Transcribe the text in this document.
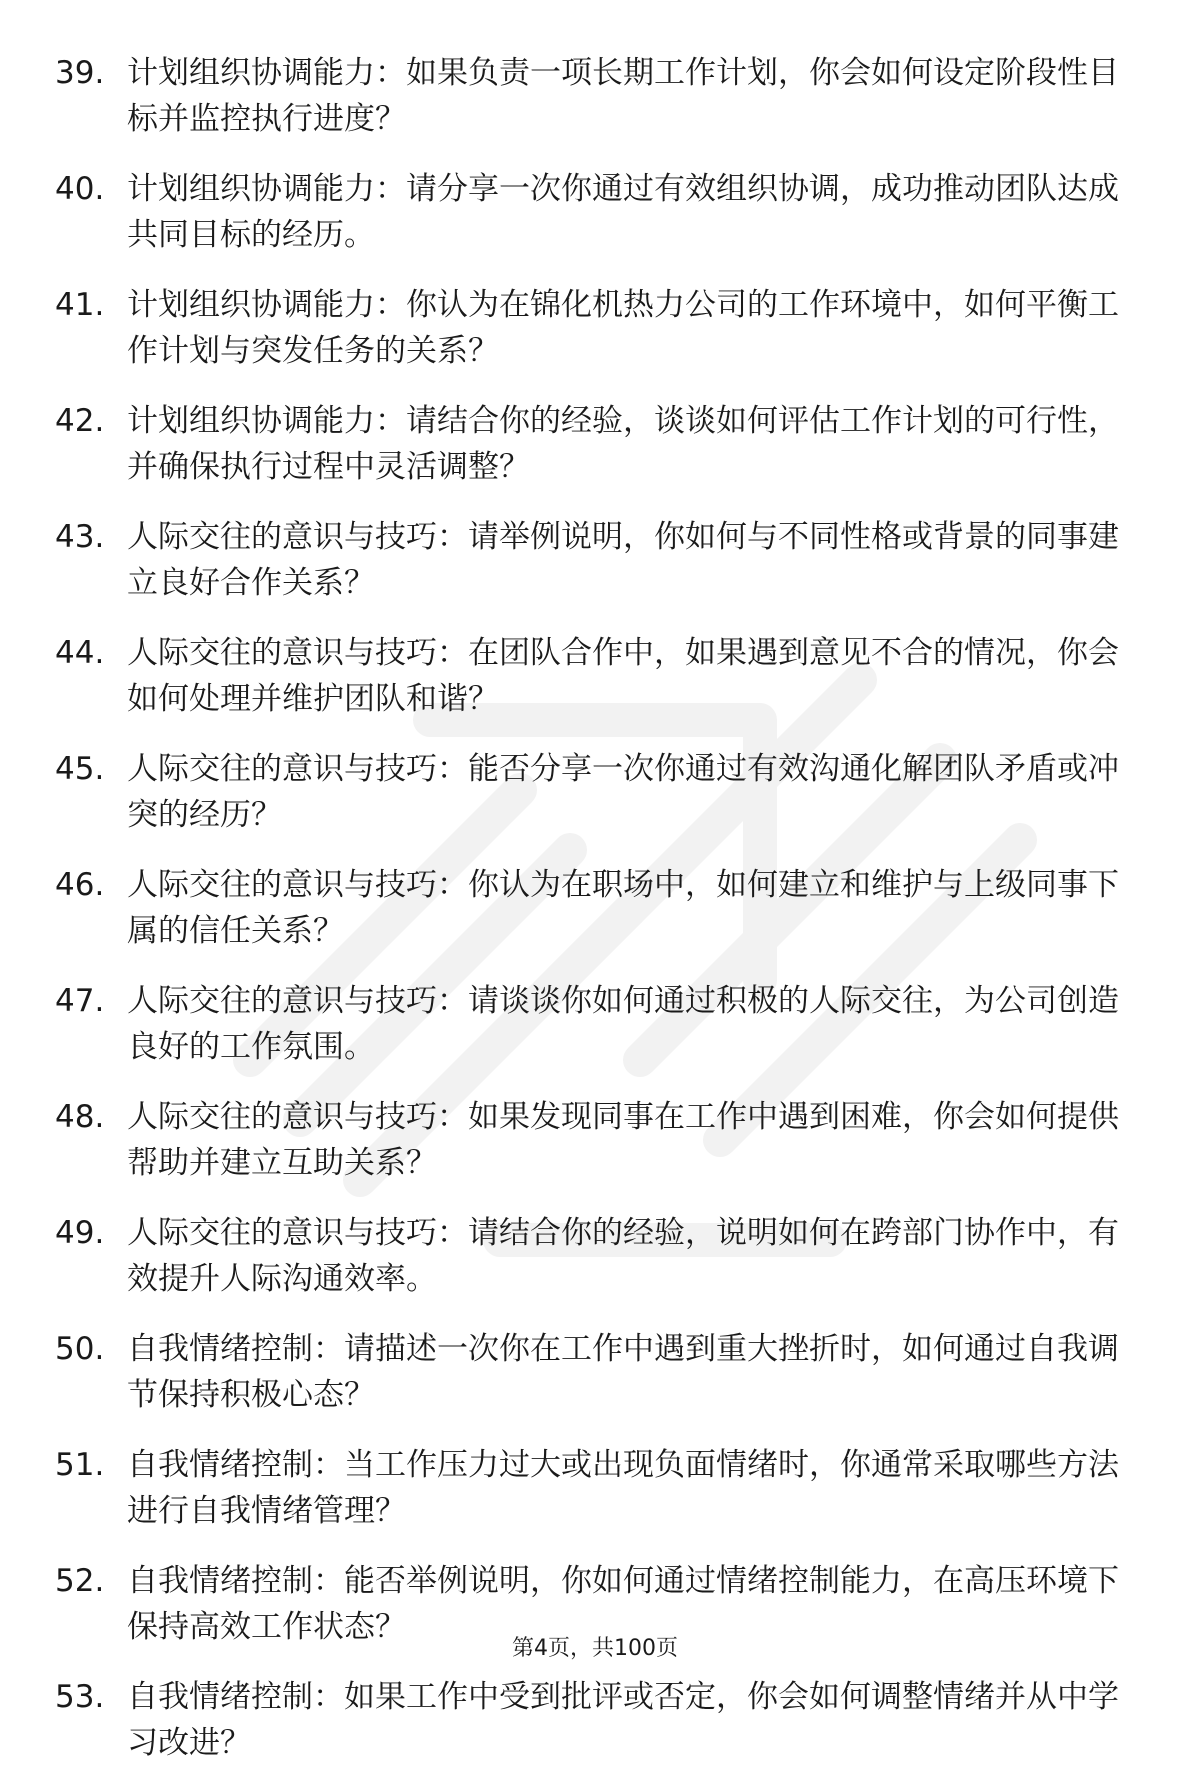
39. 计划组织协调能力：如果负责一项长期工作计划，你会如何设定阶段性目标并监控执行进度？
40. 计划组织协调能力：请分享一次你通过有效组织协调，成功推动团队达成共同目标的经历。
41. 计划组织协调能力：你认为在锦化机热力公司的工作环境中，如何平衡工作计划与突发任务的关系？
42. 计划组织协调能力：请结合你的经验，谈谈如何评估工作计划的可行性，并确保执行过程中灵活调整？
43. 人际交往的意识与技巧：请举例说明，你如何与不同性格或背景的同事建立良好合作关系？
44. 人际交往的意识与技巧：在团队合作中，如果遇到意见不合的情况，你会如何处理并维护团队和谐？
45. 人际交往的意识与技巧：能否分享一次你通过有效沟通化解团队矛盾或冲突的经历？
46. 人际交往的意识与技巧：你认为在职场中，如何建立和维护与上级同事下属的信任关系？
47. 人际交往的意识与技巧：请谈谈你如何通过积极的人际交往，为公司创造良好的工作氛围。
48. 人际交往的意识与技巧：如果发现同事在工作中遇到困难，你会如何提供帮助并建立互助关系？
49. 人际交往的意识与技巧：请结合你的经验，说明如何在跨部门协作中，有效提升人际沟通效率。
50. 自我情绪控制：请描述一次你在工作中遇到重大挫折时，如何通过自我调节保持积极心态？
51. 自我情绪控制：当工作压力过大或出现负面情绪时，你通常采取哪些方法进行自我情绪管理？
52. 自我情绪控制：能否举例说明，你如何通过情绪控制能力，在高压环境下保持高效工作状态？
53. 自我情绪控制：如果工作中受到批评或否定，你会如何调整情绪并从中学习改进？
第4页，共100页
